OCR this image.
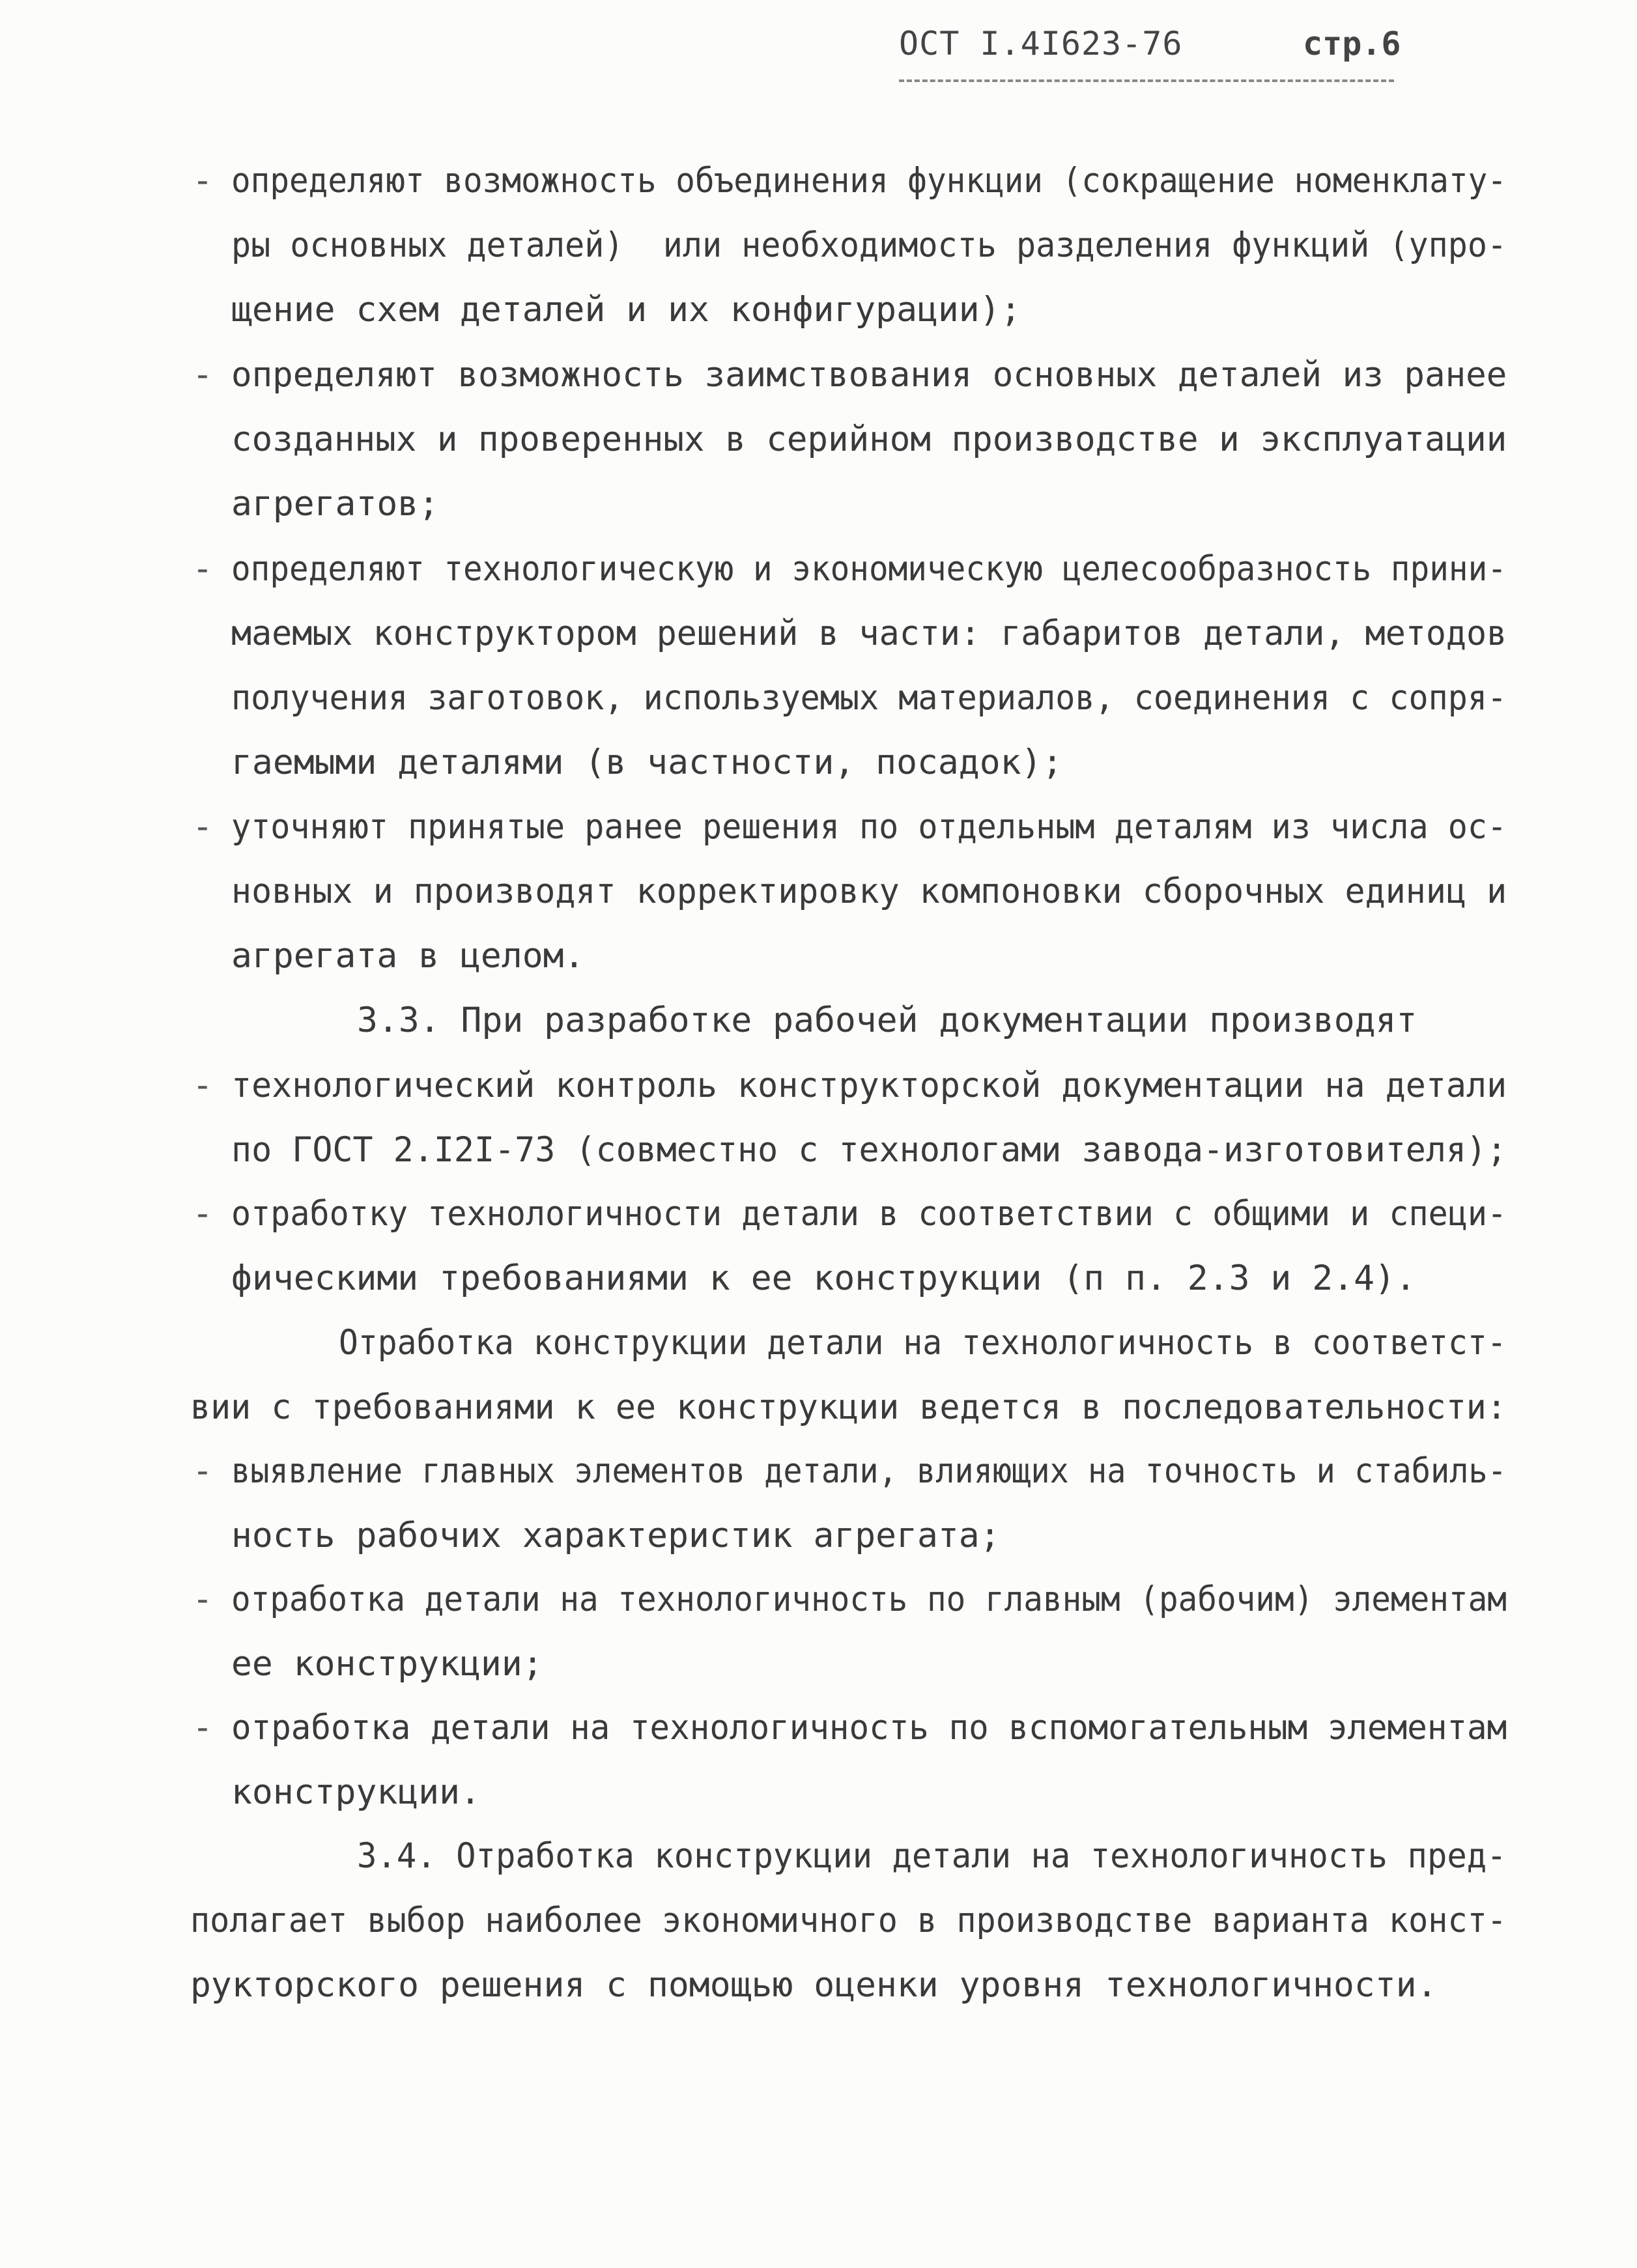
ОСТ I.4I623-76	стр.6
-
-
-
-
-
-
-
-
-
определяют возможность объединения функции (сокращение номенклату-
ры основных деталей)  или необходимость разделения функций (упро-
щение схем деталей и их конфигурации);
определяют возможность заимствования основных деталей из ранее
созданных и проверенных в серийном производстве и эксплуатации
агрегатов;
определяют технологическую и экономическую целесообразность прини-
маемых конструктором решений в части: габаритов детали, методов
получения заготовок, используемых материалов, соединения с сопря-
гаемыми деталями (в частности, посадок);
уточняют принятые ранее решения по отдельным деталям из числа ос-
новных и производят корректировку компоновки сборочных единиц и
агрегата в целом.
3.3. При разработке рабочей документации производят
технологический контроль конструкторской документации на детали
по ГОСТ 2.I2I-73 (совместно с технологами завода-изготовителя);
отработку технологичности детали в соответствии с общими и специ-
фическими требованиями к ее конструкции (п п. 2.3 и 2.4).
Отработка конструкции детали на технологичность в соответст-
вии с требованиями к ее конструкции ведется в последовательности:
выявление главных элементов детали, влияющих на точность и стабиль-
ность рабочих характеристик агрегата;
отработка детали на технологичность по главным (рабочим) элементам
ее конструкции;
отработка детали на технологичность по вспомогательным элементам
конструкции.
3.4. Отработка конструкции детали на технологичность пред-
полагает выбор наиболее экономичного в производстве варианта конст-
рукторского решения с помощью оценки уровня технологичности.
